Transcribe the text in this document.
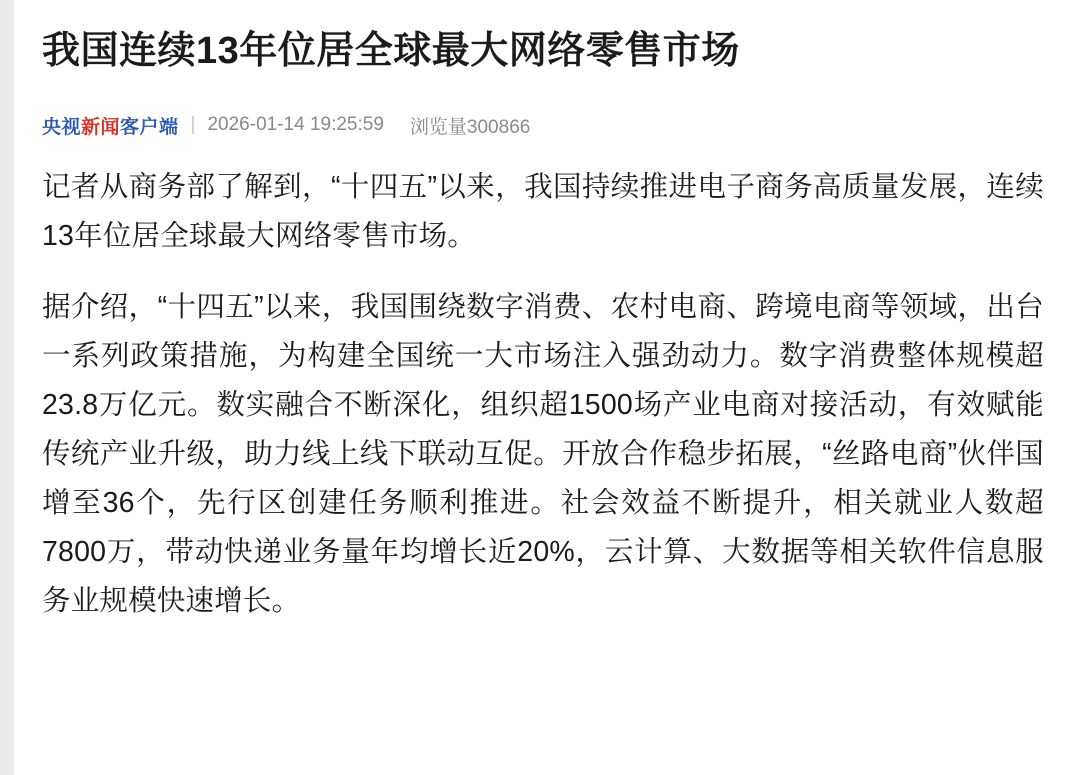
我国连续13年位居全球最大网络零售市场
央视新闻客户端 | 2026-01-14 19:25:59 浏览量300866

记者从商务部了解到，“十四五”以来，我国持续推进电子商务高质量发展，连续13年位居全球最大网络零售市场。

据介绍，“十四五”以来，我国围绕数字消费、农村电商、跨境电商等领域，出台一系列政策措施，为构建全国统一大市场注入强劲动力。数字消费整体规模超23.8万亿元。数实融合不断深化，组织超1500场产业电商对接活动，有效赋能传统产业升级，助力线上线下联动互促。开放合作稳步拓展，“丝路电商”伙伴国增至36个，先行区创建任务顺利推进。社会效益不断提升，相关就业人数超7800万，带动快递业务量年均增长近20%，云计算、大数据等相关软件信息服务业规模快速增长。
